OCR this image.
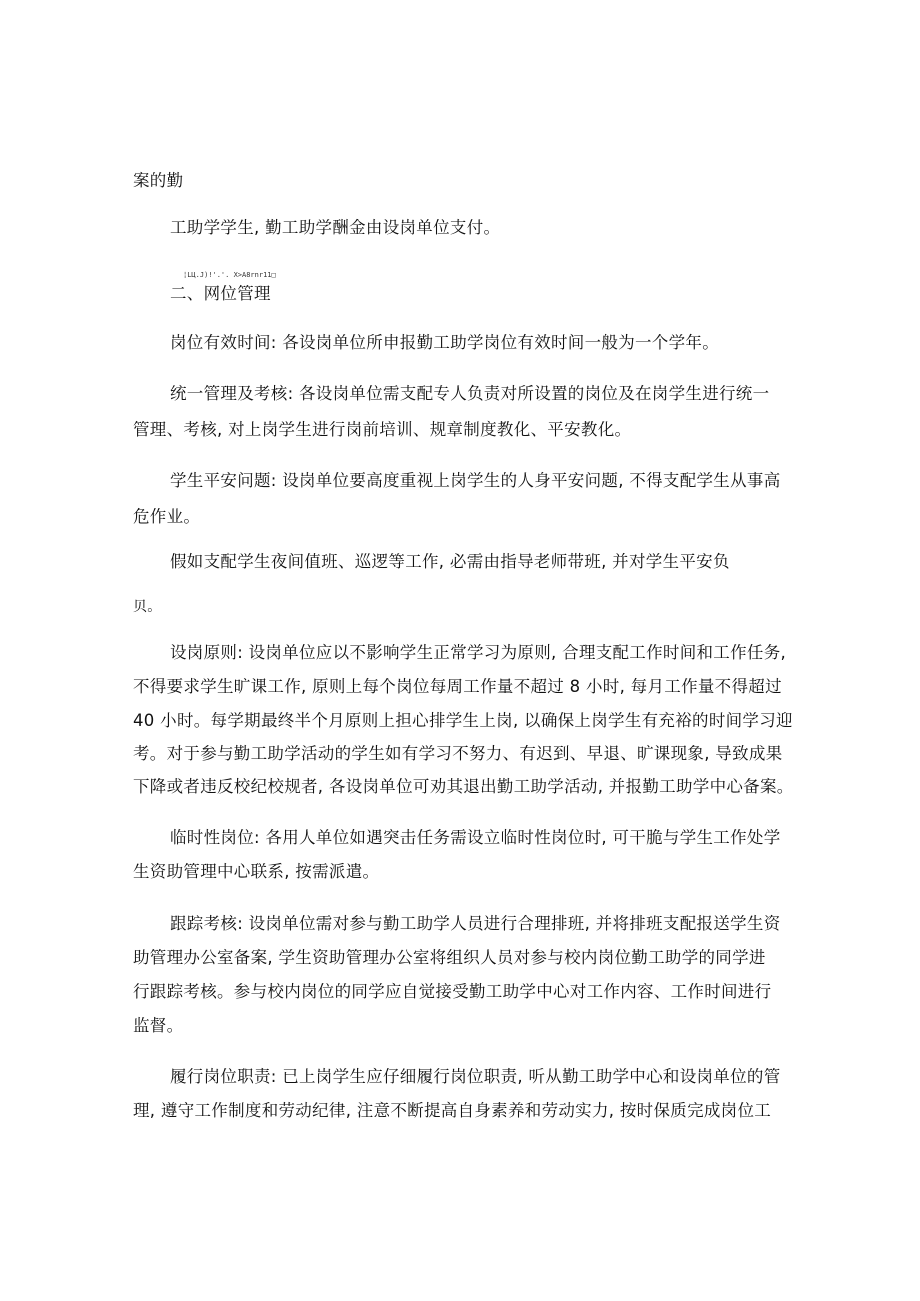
案的勤
工助学学生, 勤工助学酬金由设岗单位支付。
¦LЦ.J)!'.'. X>A8rnr11□
二、网位管理
岗位有效时间: 各设岗单位所申报勤工助学岗位有效时间一般为一个学年。
统一管理及考核: 各设岗单位需支配专人负责对所设置的岗位及在岗学生进行统一
管理、考核, 对上岗学生进行岗前培训、规章制度教化、平安教化。
学生平安问题: 设岗单位要高度重视上岗学生的人身平安问题, 不得支配学生从事高
危作业。
假如支配学生夜间值班、巡逻等工作, 必需由指导老师带班, 并对学生平安负
贝。
设岗原则: 设岗单位应以不影响学生正常学习为原则, 合理支配工作时间和工作任务,
不得要求学生旷课工作, 原则上每个岗位每周工作量不超过 8 小时, 每月工作量不得超过
40 小时。每学期最终半个月原则上担心排学生上岗, 以确保上岗学生有充裕的时间学习迎
考。对于参与勤工助学活动的学生如有学习不努力、有迟到、早退、旷课现象, 导致成果
下降或者违反校纪校规者, 各设岗单位可劝其退出勤工助学活动, 并报勤工助学中心备案。
临时性岗位: 各用人单位如遇突击任务需设立临时性岗位时, 可干脆与学生工作处学
生资助管理中心联系, 按需派遣。
跟踪考核: 设岗单位需对参与勤工助学人员进行合理排班, 并将排班支配报送学生资
助管理办公室备案, 学生资助管理办公室将组织人员对参与校内岗位勤工助学的同学进
行跟踪考核。参与校内岗位的同学应自觉接受勤工助学中心对工作内容、工作时间进行
监督。
履行岗位职责: 已上岗学生应仔细履行岗位职责, 听从勤工助学中心和设岗单位的管
理, 遵守工作制度和劳动纪律, 注意不断提高自身素养和劳动实力, 按时保质完成岗位工
